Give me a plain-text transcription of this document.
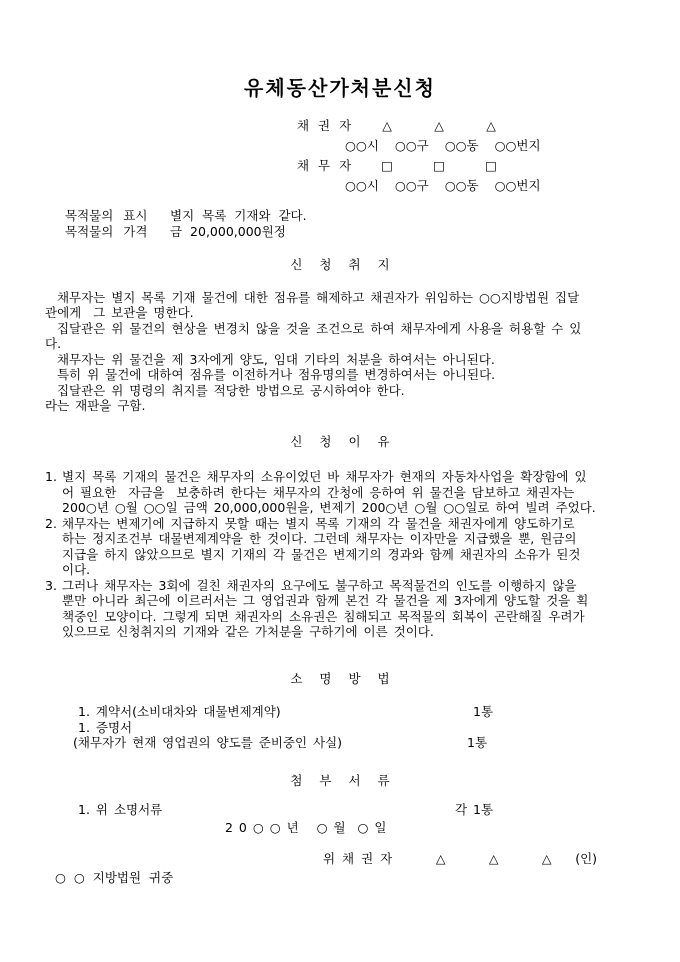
유체동산가처분신청
채 권 자	△	△	△
○○시 ○○구 ○○동 ○○번지
채 무 자	□	□	□
○○시 ○○구 ○○동 ○○번지
목적물의 표시	별지 목록 기재와 같다.
목적물의 가격	금 20,000,000원정
신 청 취 지
채무자는 별지 목록 기재 물건에 대한 점유를 해제하고 채권자가 위임하는 ○○지방법원 집달
관에게  그 보관을 명한다.
집달관은 위 물건의 현상을 변경치 않을 것을 조건으로 하여 채무자에게 사용을 허용할 수 있
다.
채무자는 위 물건을 제 3자에게 양도, 임대 기타의 처분을 하여서는 아니된다.
특히 위 물건에 대하여 점유를 이전하거나 점유명의를 변경하여서는 아니된다.
집달관은 위 명령의 취지를 적당한 방법으로 공시하여야 한다.
라는 재판을 구함.
신 청 이 유
1. 별지 목록 기재의 물건은 채무자의 소유이었던 바 채무자가 현재의 자동차사업을 확장함에 있
어 필요한  자금을  보충하려 한다는 채무자의 간청에 응하여 위 물건을 담보하고 채권자는
200○년 ○월 ○○일 금액 20,000,000원을, 변제기 200○년 ○월 ○○일로 하여 빌려 주었다.
2. 채무자는 변제기에 지급하지 못할 때는 별지 목록 기재의 각 물건을 채권자에게 양도하기로
하는 정지조건부 대물변제계약을 한 것이다. 그런데 채무자는 이자만을 지급했을 뿐, 원금의
지급을 하지 않았으므로 별지 기재의 각 물건은 변제기의 경과와 함께 채권자의 소유가 된것
이다.
3. 그러나 채무자는 3회에 걸친 채권자의 요구에도 불구하고 목적물건의 인도를 이행하지 않을
뿐만 아니라 최근에 이르러서는 그 영업권과 함께 본건 각 물건을 제 3자에게 양도할 것을 획
책중인 모양이다. 그렇게 되면 채권자의 소유권은 침해되고 목적물의 회복이 곤란해질 우려가
있으므로 신청취지의 기재와 같은 가처분을 구하기에 이른 것이다.
소 명 방 법
1. 계약서(소비대차와 대물변제계약)	1통
1. 증명서
(채무자가 현재 영업권의 양도를 준비중인 사실)	1통
첨 부 서 류
1. 위 소명서류	각 1통
2 0 ○ ○ 년   ○ 월  ○ 일
위 채 권 자	△	△	△	(인)
○ ○ 지방법원 귀중
